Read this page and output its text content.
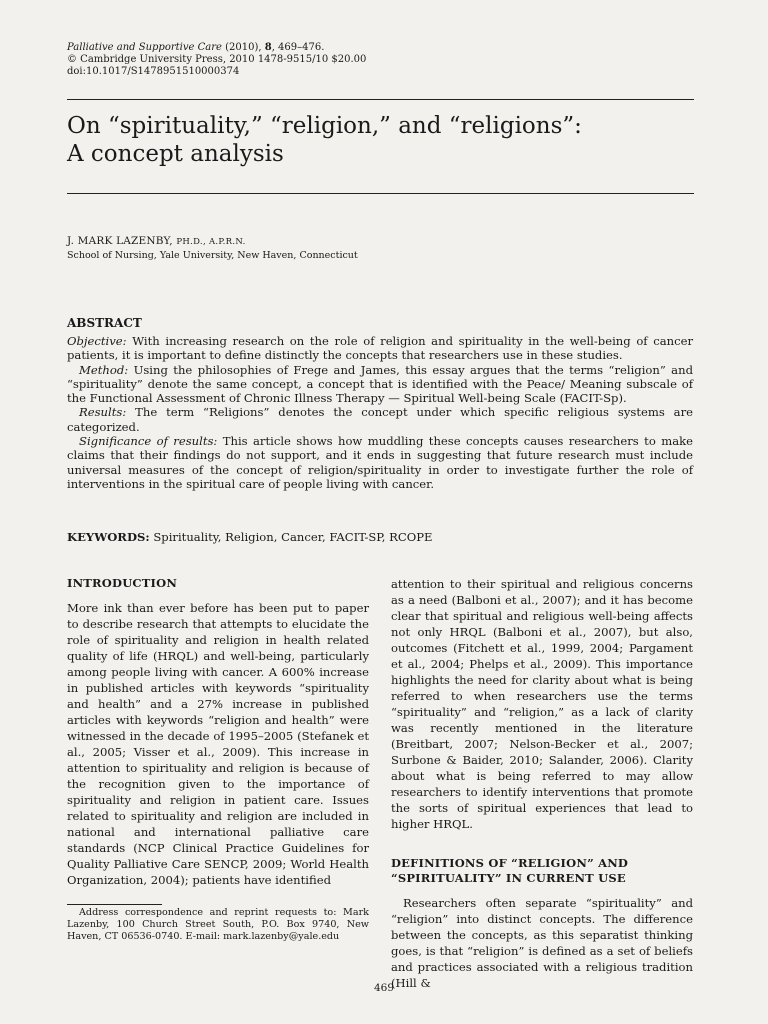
Palliative and Supportive Care (2010), 8, 469–476.
© Cambridge University Press, 2010 1478-9515/10 $20.00
doi:10.1017/S1478951510000374
On “spirituality,” “religion,” and “religions”:
A concept analysis
J. MARK LAZENBY, PH.D., A.P.R.N.
School of Nursing, Yale University, New Haven, Connecticut
ABSTRACT

Objective: With increasing research on the role of religion and spirituality in the well-being of cancer patients, it is important to define distinctly the concepts that researchers use in these studies.

Method: Using the philosophies of Frege and James, this essay argues that the terms “religion” and “spirituality” denote the same concept, a concept that is identified with the Peace/ Meaning subscale of the Functional Assessment of Chronic Illness Therapy — Spiritual Well-being Scale (FACIT-Sp).

Results: The term “Religions” denotes the concept under which specific religious systems are categorized.

Significance of results: This article shows how muddling these concepts causes researchers to make claims that their findings do not support, and it ends in suggesting that future research must include universal measures of the concept of religion/spirituality in order to investigate further the role of interventions in the spiritual care of people living with cancer.

KEYWORDS: Spirituality, Religion, Cancer, FACIT-SP, RCOPE
INTRODUCTION

More ink than ever before has been put to paper to describe research that attempts to elucidate the role of spirituality and religion in health related quality of life (HRQL) and well-being, particularly among people living with cancer. A 600% increase in published articles with keywords “spirituality and health” and a 27% increase in published articles with keywords “religion and health” were witnessed in the decade of 1995–2005 (Stefanek et al., 2005; Visser et al., 2009). This increase in attention to spirituality and religion is because of the recognition given to the importance of spirituality and religion in patient care. Issues related to spirituality and religion are included in national and international palliative care standards (NCP Clinical Practice Guidelines for Quality Palliative Care SENCP, 2009; World Health Organization, 2004); patients have identified

attention to their spiritual and religious concerns as a need (Balboni et al., 2007); and it has become clear that spiritual and religious well-being affects not only HRQL (Balboni et al., 2007), but also, outcomes (Fitchett et al., 1999, 2004; Pargament et al., 2004; Phelps et al., 2009). This importance highlights the need for clarity about what is being referred to when researchers use the terms “spirituality” and “religion,” as a lack of clarity was recently mentioned in the literature (Breitbart, 2007; Nelson-Becker et al., 2007; Surbone & Baider, 2010; Salander, 2006). Clarity about what is being referred to may allow researchers to identify interventions that promote the sorts of spiritual experiences that lead to higher HRQL.

DEFINITIONS OF “RELIGION” AND
“SPIRITUALITY” IN CURRENT USE

Researchers often separate “spirituality” and “religion” into distinct concepts. The difference between the concepts, as this separatist thinking goes, is that “religion” is defined as a set of beliefs and practices associated with a religious tradition (Hill &

Address correspondence and reprint requests to: Mark Lazenby, 100 Church Street South, P.O. Box 9740, New Haven, CT 06536-0740. E-mail: mark.lazenby@yale.edu
469
